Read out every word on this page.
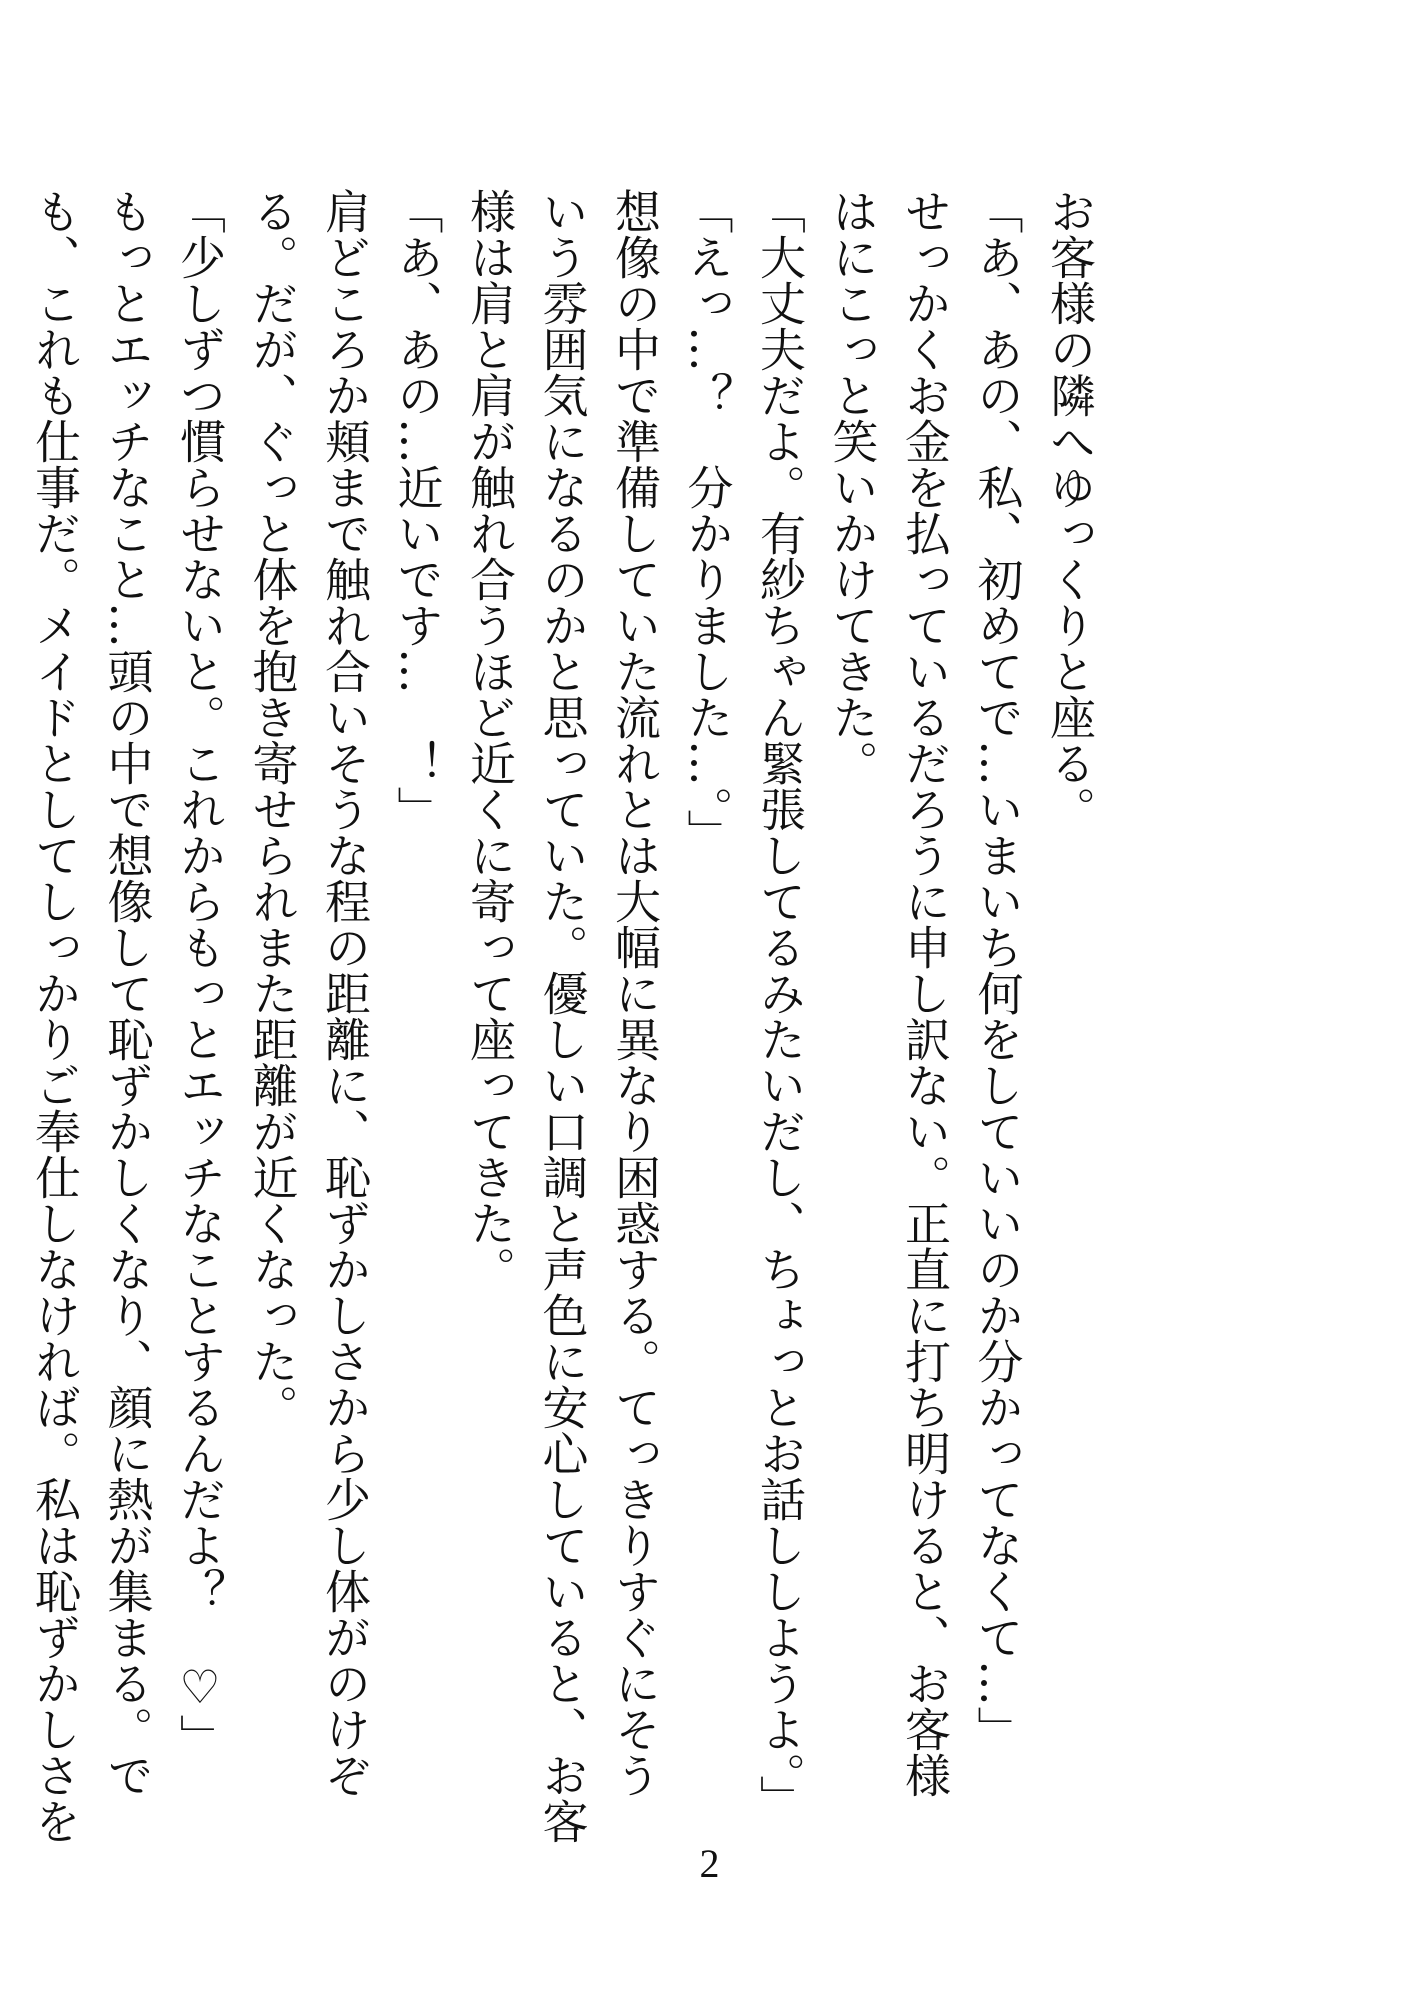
お客様の隣へゆっくりと座る。
「あ、あの、私、初めてで…いまいち何をしていいのか分かってなくて…」
せっかくお金を払っているだろうに申し訳ない。正直に打ち明けると、お客様
はにこっと笑いかけてきた。
「大丈夫だよ。有紗ちゃん緊張してるみたいだし、ちょっとお話ししようよ。」
「えっ…？　分かりました…。」
想像の中で準備していた流れとは大幅に異なり困惑する。てっきりすぐにそう
いう雰囲気になるのかと思っていた。優しい口調と声色に安心していると、お客
様は肩と肩が触れ合うほど近くに寄って座ってきた。
「あ、あの…近いです…　！」
肩どころか頬まで触れ合いそうな程の距離に、恥ずかしさから少し体がのけぞ
る。だが、ぐっと体を抱き寄せられまた距離が近くなった。
「少しずつ慣らせないと。これからもっとエッチなことするんだよ？　♡」
もっとエッチなこと…頭の中で想像して恥ずかしくなり、顔に熱が集まる。で
も、これも仕事だ。メイドとしてしっかりご奉仕しなければ。私は恥ずかしさを
2
